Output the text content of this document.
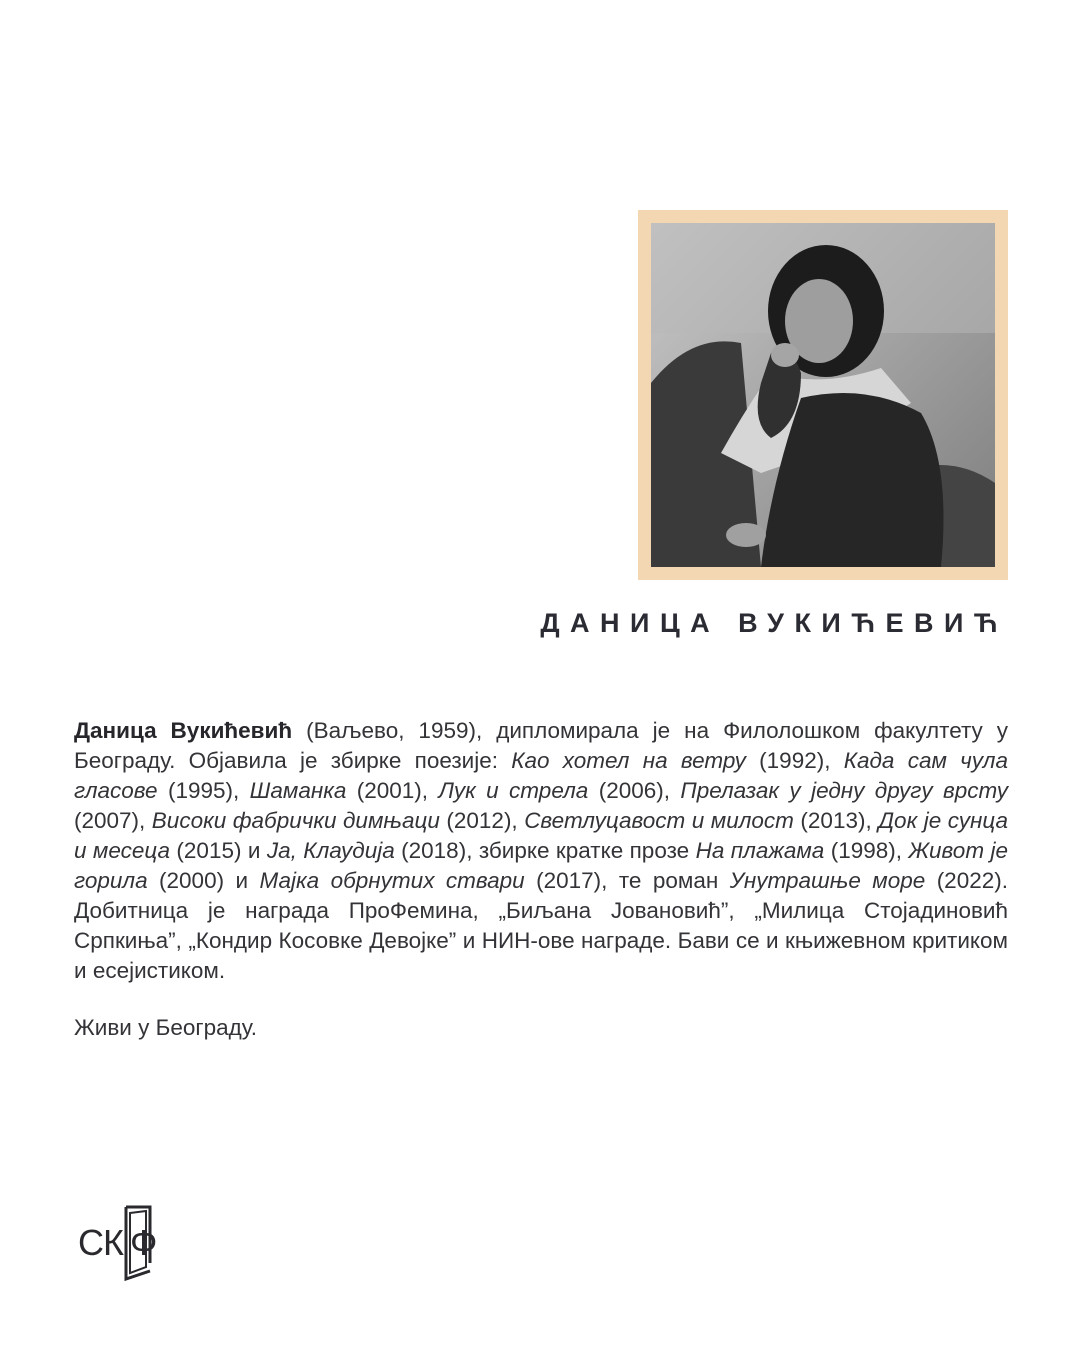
ДАНИЦА ВУКИЋЕВИЋ

Даница Вукићевић (Ваљево, 1959), дипломирала је на Филолошком факултету у Београду. Објавила је збирке поезије: Као хотел на ветру (1992), Када сам чула гласове (1995), Шаманка (2001), Лук и стрела (2006), Прелазак у једну другу врсту (2007), Високи фабрички димњаци (2012), Светлуцавост и милост (2013), Док је сунца и месеца (2015) и Ја, Клаудија (2018), збирке кратке прозе На плажама (1998), Живот је горила (2000) и Мајка обрнутих ствари (2017), те роман Унутрашње море (2022). Добитница је награда ПроФемина, „Биљана Јовановић”, „Милица Стојадиновић Српкиња”, „Кондир Косовке Девојке” и НИН-ове награде. Бави се и књижевном критиком и есејистиком.

Живи у Београду.

С К Ф
